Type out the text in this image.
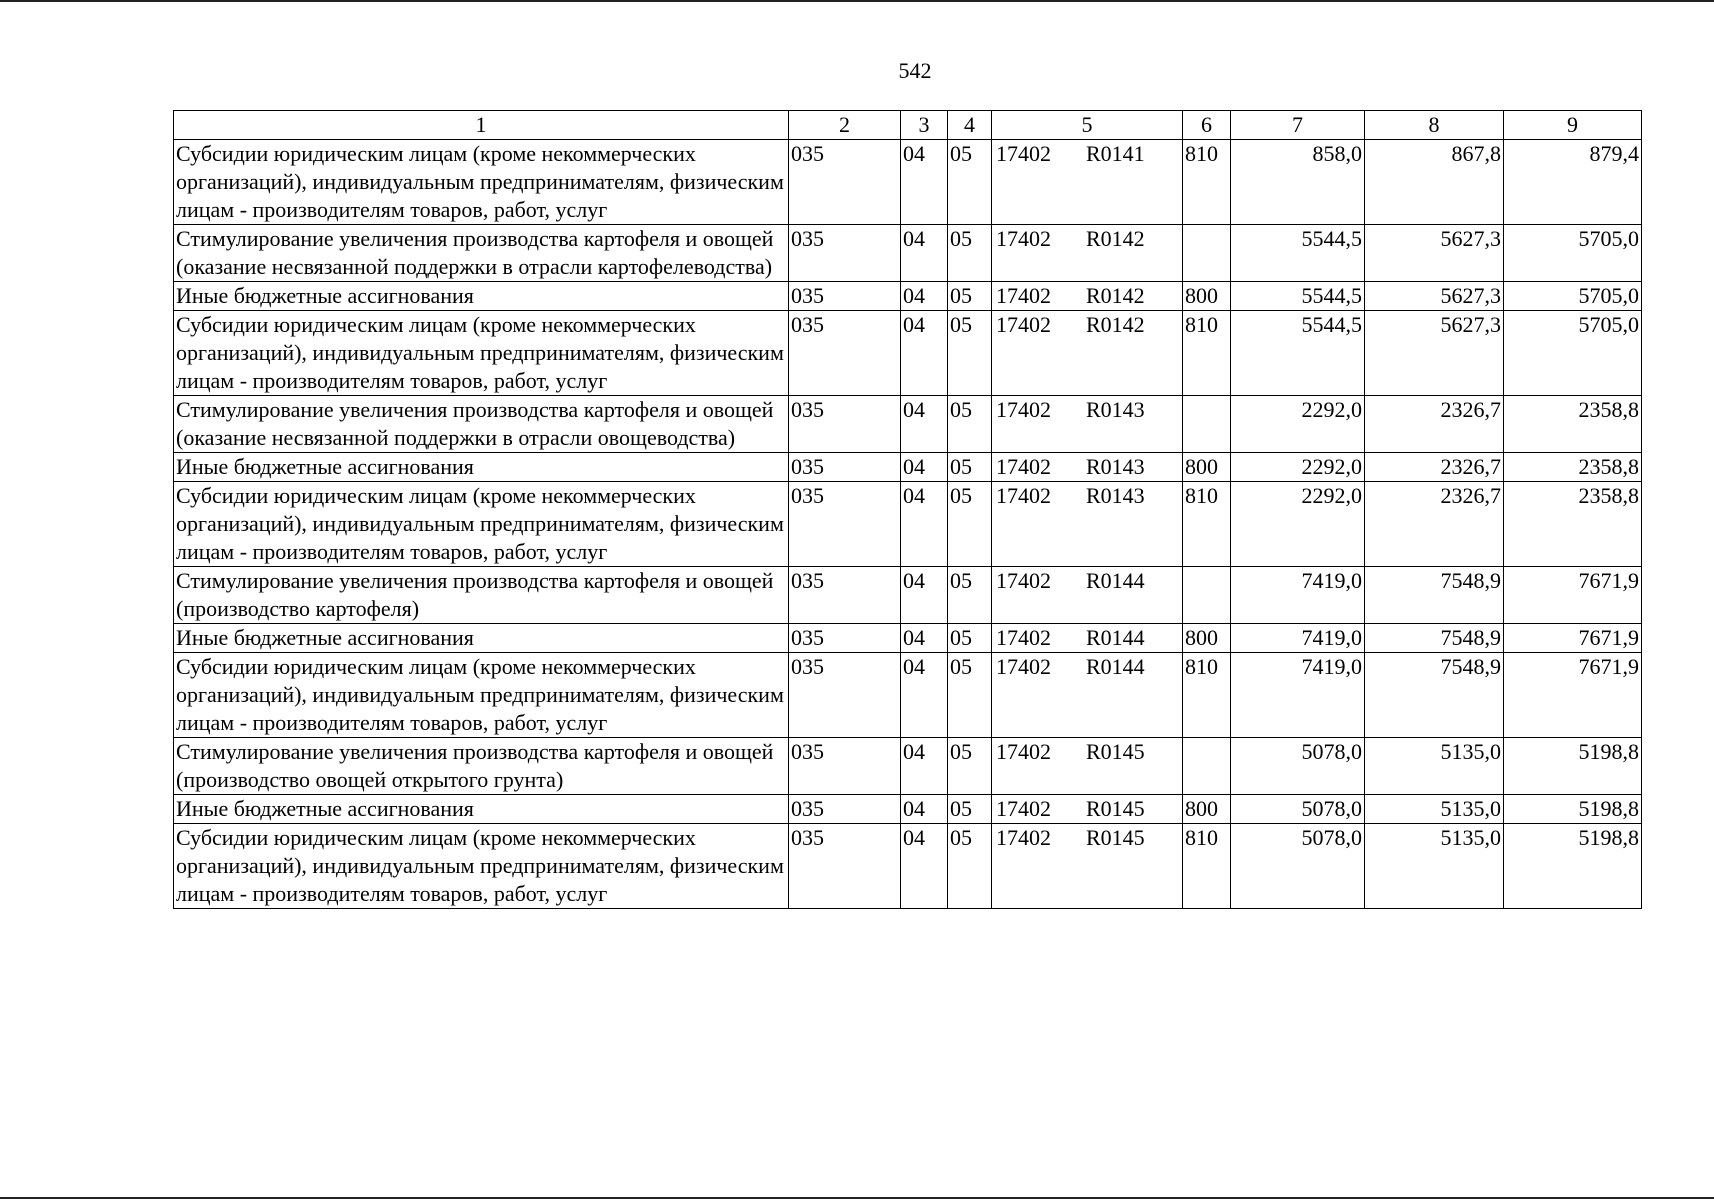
542
1	2	3	4	5	6	7	8	9
Субсидии юридическим лицам (кроме некоммерческих организаций), индивидуальным предпринимателям, физическим лицам - производителям товаров, работ, услуг	035	04	05	17402 R0141	810	858,0	867,8	879,4
Стимулирование увеличения производства картофеля и овощей (оказание несвязанной поддержки в отрасли картофелеводства)	035	04	05	17402 R0142		5544,5	5627,3	5705,0
Иные бюджетные ассигнования	035	04	05	17402 R0142	800	5544,5	5627,3	5705,0
Субсидии юридическим лицам (кроме некоммерческих организаций), индивидуальным предпринимателям, физическим лицам - производителям товаров, работ, услуг	035	04	05	17402 R0142	810	5544,5	5627,3	5705,0
Стимулирование увеличения производства картофеля и овощей (оказание несвязанной поддержки в отрасли овощеводства)	035	04	05	17402 R0143		2292,0	2326,7	2358,8
Иные бюджетные ассигнования	035	04	05	17402 R0143	800	2292,0	2326,7	2358,8
Субсидии юридическим лицам (кроме некоммерческих организаций), индивидуальным предпринимателям, физическим лицам - производителям товаров, работ, услуг	035	04	05	17402 R0143	810	2292,0	2326,7	2358,8
Стимулирование увеличения производства картофеля и овощей (производство картофеля)	035	04	05	17402 R0144		7419,0	7548,9	7671,9
Иные бюджетные ассигнования	035	04	05	17402 R0144	800	7419,0	7548,9	7671,9
Субсидии юридическим лицам (кроме некоммерческих организаций), индивидуальным предпринимателям, физическим лицам - производителям товаров, работ, услуг	035	04	05	17402 R0144	810	7419,0	7548,9	7671,9
Стимулирование увеличения производства картофеля и овощей (производство овощей открытого грунта)	035	04	05	17402 R0145		5078,0	5135,0	5198,8
Иные бюджетные ассигнования	035	04	05	17402 R0145	800	5078,0	5135,0	5198,8
Субсидии юридическим лицам (кроме некоммерческих организаций), индивидуальным предпринимателям, физическим лицам - производителям товаров, работ, услуг	035	04	05	17402 R0145	810	5078,0	5135,0	5198,8
